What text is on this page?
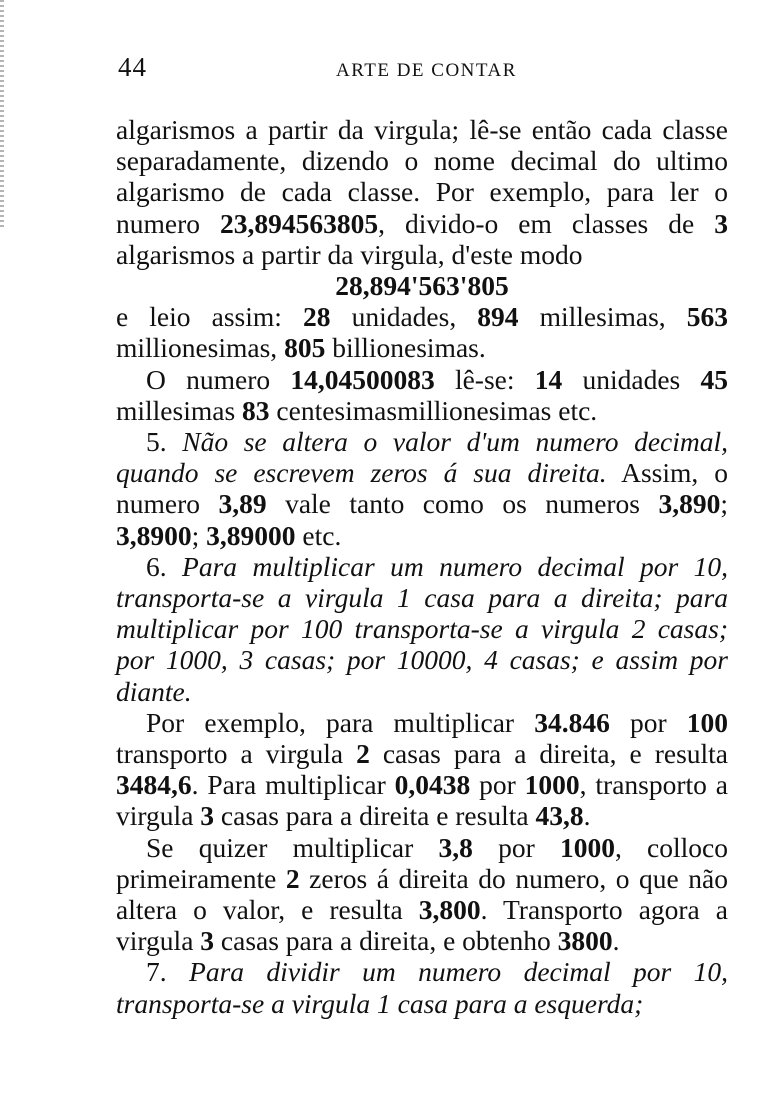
44	ARTE DE CONTAR

algarismos a partir da virgula; lê-se então cada classe separadamente, dizendo o nome decimal do ultimo algarismo de cada classe. Por exemplo, para ler o numero 23,894563805, divido-o em classes de 3 algarismos a partir da virgula, d'este modo

28,894'563'805

e leio assim: 28 unidades, 894 millesimas, 563 millionesimas, 805 billionesimas.

O numero 14,04500083 lê-se: 14 unidades 45 millesimas 83 centesimasmillionesimas etc.

5. Não se altera o valor d'um numero decimal, quando se escrevem zeros á sua direita. Assim, o numero 3,89 vale tanto como os numeros 3,890; 3,8900; 3,89000 etc.

6. Para multiplicar um numero decimal por 10, transporta-se a virgula 1 casa para a direita; para multiplicar por 100 transporta-se a virgula 2 casas; por 1000, 3 casas; por 10000, 4 casas; e assim por diante.

Por exemplo, para multiplicar 34.846 por 100 transporto a virgula 2 casas para a direita, e resulta 3484,6. Para multiplicar 0,0438 por 1000, transporto a virgula 3 casas para a direita e resulta 43,8.

Se quizer multiplicar 3,8 por 1000, colloco primeiramente 2 zeros á direita do numero, o que não altera o valor, e resulta 3,800. Transporto agora a virgula 3 casas para a direita, e obtenho 3800.

7. Para dividir um numero decimal por 10, transporta-se a virgula 1 casa para a esquerda;
